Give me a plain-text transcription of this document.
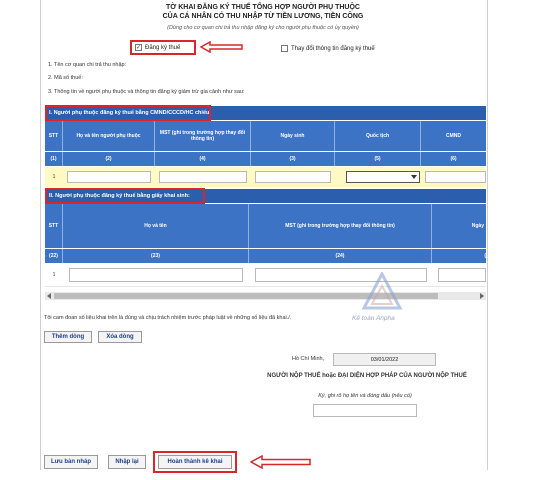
TỜ KHAI ĐĂNG KÝ THUẾ TỔNG HỢP NGƯỜI PHỤ THUỘC
CỦA CÁ NHÂN CÓ THU NHẬP TỪ TIỀN LƯƠNG, TIỀN CÔNG
(Dùng cho cơ quan chi trả thu nhập đăng ký cho người phụ thuộc có ủy quyền)
✓ Đăng ký thuế	Thay đổi thông tin đăng ký thuế
1. Tên cơ quan chi trả thu nhập:
2. Mã số thuế:
3. Thông tin về người phụ thuộc và thông tin đăng ký giảm trừ gia cảnh như sau:
I. Người phụ thuộc đăng ký thuế bằng CMND/CCCD/HC chiếu:
STT	Họ và tên người phụ thuộc	MST (ghi trong trường hợp thay đổi thông tin)	Ngày sinh	Quốc tịch	CMND
(1)	(2)	(4)	(3)	(5)	(6)
1
II. Người phụ thuộc đăng ký thuế bằng giấy khai sinh:
STT	Họ và tên	MST (ghi trong trường hợp thay đổi thông tin)	Ngày
(22)	(23)	(24)	(
1
Kế toán Anpha
Tôi cam đoan số liệu khai trên là đúng và chịu trách nhiệm trước pháp luật về những số liệu đã khai./.
Thêm dòng	Xóa dòng
Hồ Chí Minh,	03/01/2022
NGƯỜI NỘP THUẾ hoặc ĐẠI DIỆN HỢP PHÁP CỦA NGƯỜI NỘP THUẾ
Ký, ghi rõ họ tên và đóng dấu (nếu có)
Lưu bản nháp	Nhập lại	Hoàn thành kê khai
